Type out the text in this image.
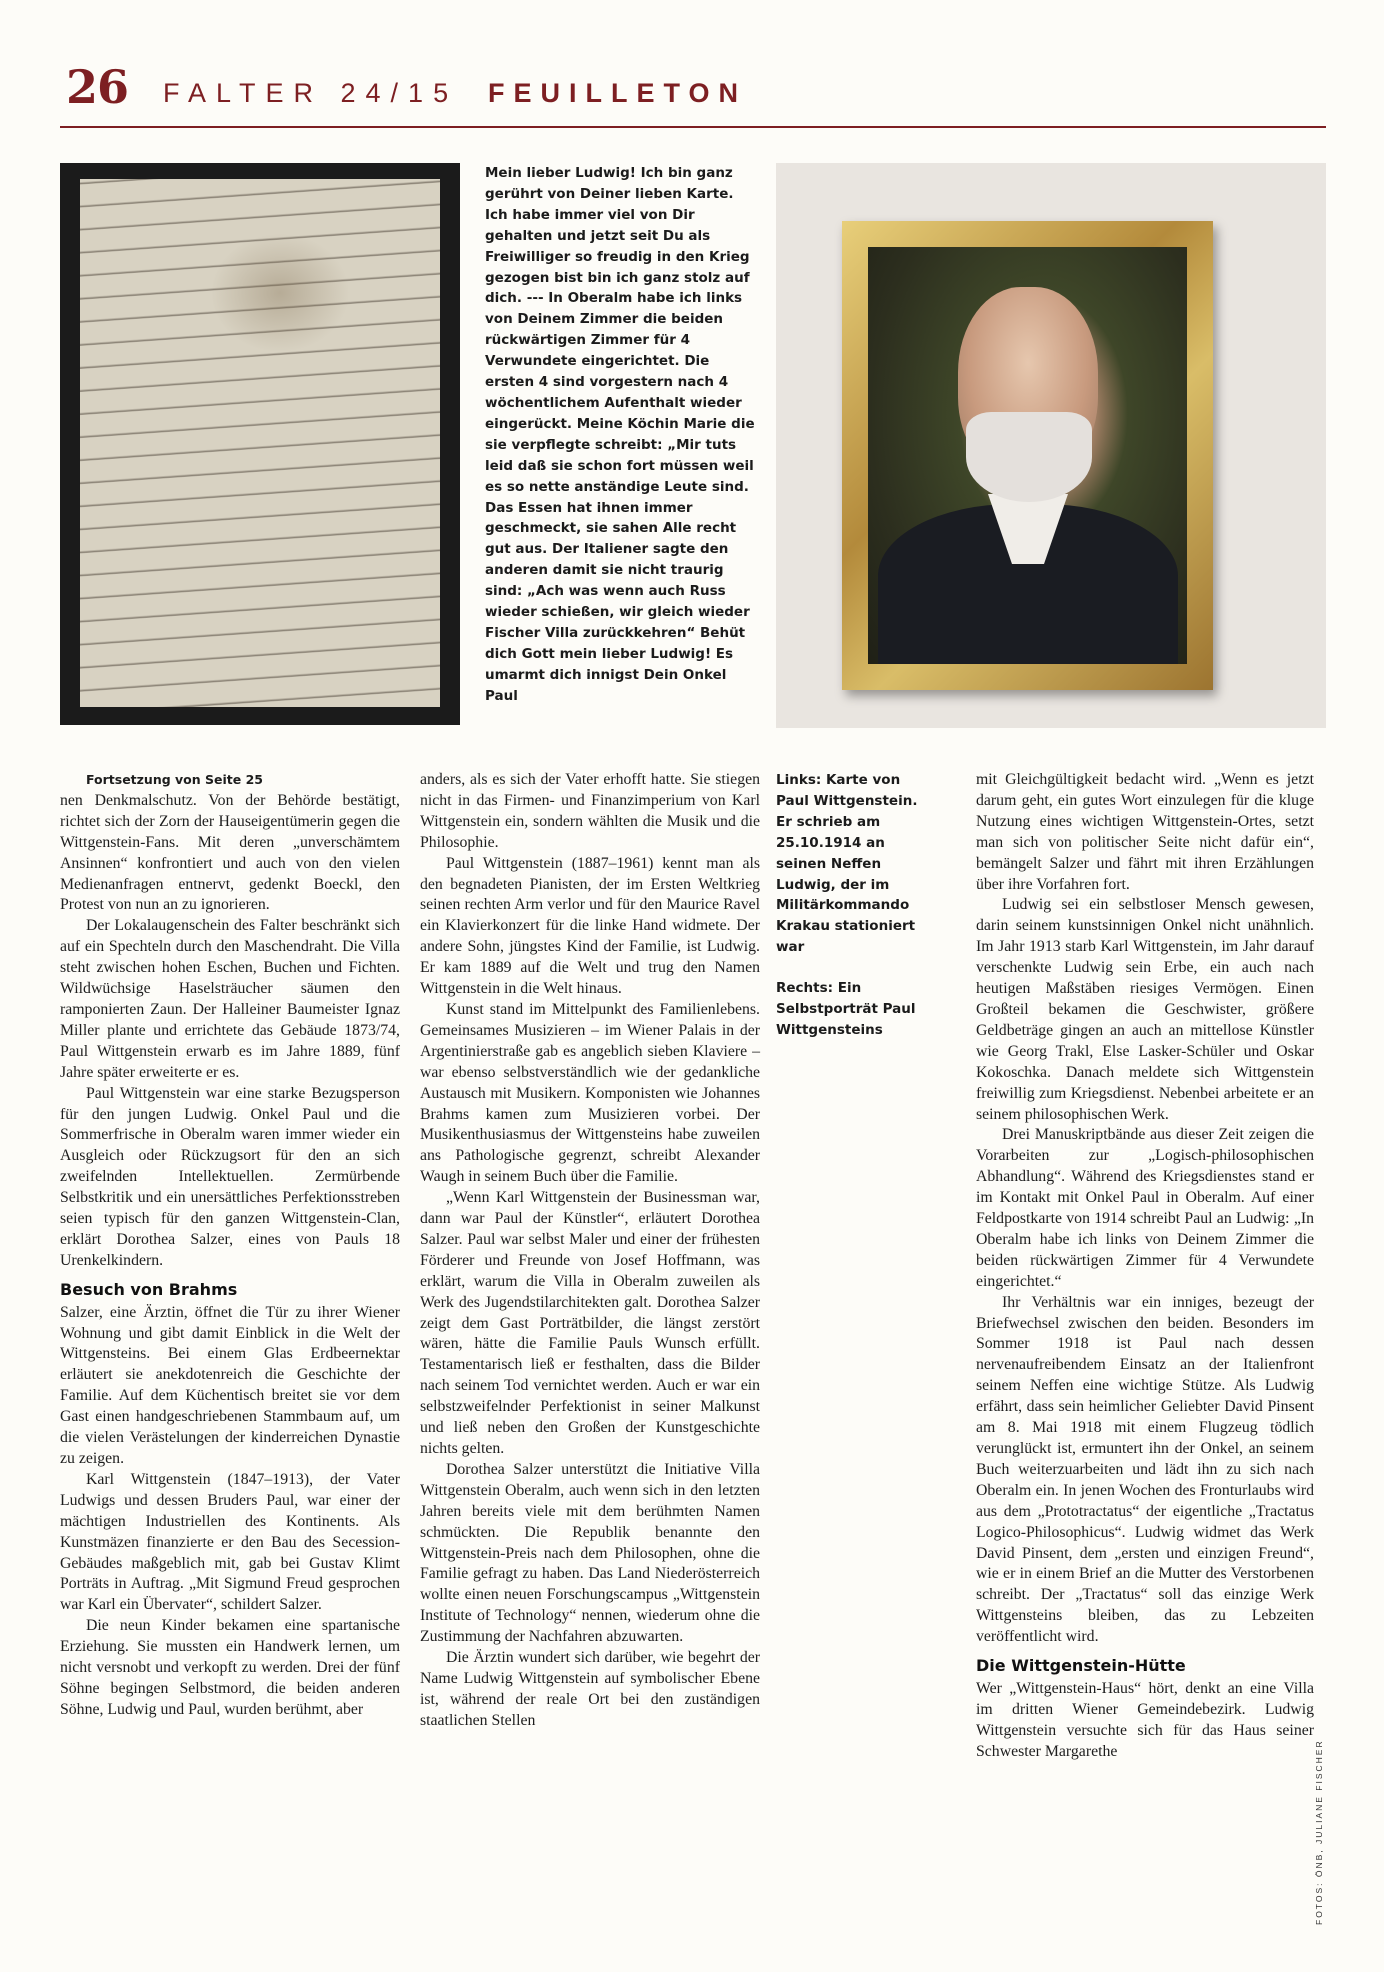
26 FALTER 24/15 FEUILLETON
Mein lieber Ludwig! Ich bin ganz gerührt von Deiner lieben Karte. Ich habe immer viel von Dir gehalten und jetzt seit Du als Freiwilliger so freudig in den Krieg gezogen bist bin ich ganz stolz auf dich. --- In Oberalm habe ich links von Deinem Zimmer die beiden rückwärtigen Zimmer für 4 Verwundete eingerichtet. Die ersten 4 sind vorgestern nach 4 wöchentlichem Aufenthalt wieder eingerückt. Meine Köchin Marie die sie verpflegte schreibt: „Mir tuts leid daß sie schon fort müssen weil es so nette anständige Leute sind. Das Essen hat ihnen immer geschmeckt, sie sahen Alle recht gut aus. Der Italiener sagte den anderen damit sie nicht traurig sind: „Ach was wenn auch Russ wieder schießen, wir gleich wieder Fischer Villa zurückkehren“ Behüt dich Gott mein lieber Ludwig! Es umarmt dich innigst Dein Onkel Paul

Fortsetzung von Seite 25

nen Denkmalschutz. Von der Behörde bestätigt, richtet sich der Zorn der Hauseigentümerin gegen die Wittgenstein-Fans. Mit deren „unverschämtem Ansinnen“ konfrontiert und auch von den vielen Medienanfragen entnervt, gedenkt Boeckl, den Protest von nun an zu ignorieren.

Der Lokalaugenschein des Falter beschränkt sich auf ein Spechteln durch den Maschendraht. Die Villa steht zwischen hohen Eschen, Buchen und Fichten. Wildwüchsige Haselsträucher säumen den ramponierten Zaun. Der Halleiner Baumeister Ignaz Miller plante und errichtete das Gebäude 1873/74, Paul Wittgenstein erwarb es im Jahre 1889, fünf Jahre später erweiterte er es.

Paul Wittgenstein war eine starke Bezugsperson für den jungen Ludwig. Onkel Paul und die Sommerfrische in Oberalm waren immer wieder ein Ausgleich oder Rückzugsort für den an sich zweifelnden Intellektuellen. Zermürbende Selbstkritik und ein unersättliches Perfektionsstreben seien typisch für den ganzen Wittgenstein-Clan, erklärt Dorothea Salzer, eines von Pauls 18 Urenkelkindern.

Besuch von Brahms

Salzer, eine Ärztin, öffnet die Tür zu ihrer Wiener Wohnung und gibt damit Einblick in die Welt der Wittgensteins. Bei einem Glas Erdbeernektar erläutert sie anekdotenreich die Geschichte der Familie. Auf dem Küchentisch breitet sie vor dem Gast einen handgeschriebenen Stammbaum auf, um die vielen Verästelungen der kinderreichen Dynastie zu zeigen.

Karl Wittgenstein (1847–1913), der Vater Ludwigs und dessen Bruders Paul, war einer der mächtigen Industriellen des Kontinents. Als Kunstmäzen finanzierte er den Bau des Secession-Gebäudes maßgeblich mit, gab bei Gustav Klimt Porträts in Auftrag. „Mit Sigmund Freud gesprochen war Karl ein Übervater“, schildert Salzer.

Die neun Kinder bekamen eine spartanische Erziehung. Sie mussten ein Handwerk lernen, um nicht versnobt und verkopft zu werden. Drei der fünf Söhne begingen Selbstmord, die beiden anderen Söhne, Ludwig und Paul, wurden berühmt, aber

anders, als es sich der Vater erhofft hatte. Sie stiegen nicht in das Firmen- und Finanzimperium von Karl Wittgenstein ein, sondern wählten die Musik und die Philosophie.

Paul Wittgenstein (1887–1961) kennt man als den begnadeten Pianisten, der im Ersten Weltkrieg seinen rechten Arm verlor und für den Maurice Ravel ein Klavierkonzert für die linke Hand widmete. Der andere Sohn, jüngstes Kind der Familie, ist Ludwig. Er kam 1889 auf die Welt und trug den Namen Wittgenstein in die Welt hinaus.

Kunst stand im Mittelpunkt des Familienlebens. Gemeinsames Musizieren – im Wiener Palais in der Argentinierstraße gab es angeblich sieben Klaviere – war ebenso selbstverständlich wie der gedankliche Austausch mit Musikern. Komponisten wie Johannes Brahms kamen zum Musizieren vorbei. Der Musikenthusiasmus der Wittgensteins habe zuweilen ans Pathologische gegrenzt, schreibt Alexander Waugh in seinem Buch über die Familie.

„Wenn Karl Wittgenstein der Businessman war, dann war Paul der Künstler“, erläutert Dorothea Salzer. Paul war selbst Maler und einer der frühesten Förderer und Freunde von Josef Hoffmann, was erklärt, warum die Villa in Oberalm zuweilen als Werk des Jugendstilarchitekten galt. Dorothea Salzer zeigt dem Gast Porträtbilder, die längst zerstört wären, hätte die Familie Pauls Wunsch erfüllt. Testamentarisch ließ er festhalten, dass die Bilder nach seinem Tod vernichtet werden. Auch er war ein selbstzweifelnder Perfektionist in seiner Malkunst und ließ neben den Großen der Kunstgeschichte nichts gelten.

Dorothea Salzer unterstützt die Initiative Villa Wittgenstein Oberalm, auch wenn sich in den letzten Jahren bereits viele mit dem berühmten Namen schmückten. Die Republik benannte den Wittgenstein-Preis nach dem Philosophen, ohne die Familie gefragt zu haben. Das Land Niederösterreich wollte einen neuen Forschungscampus „Wittgenstein Institute of Technology“ nennen, wiederum ohne die Zustimmung der Nachfahren abzuwarten.

Die Ärztin wundert sich darüber, wie begehrt der Name Ludwig Wittgenstein auf symbolischer Ebene ist, während der reale Ort bei den zuständigen staatlichen Stellen

Links: Karte von Paul Wittgenstein. Er schrieb am 25.10.1914 an seinen Neffen Ludwig, der im Militärkommando Krakau stationiert war
Rechts: Ein Selbstporträt Paul Wittgensteins

mit Gleichgültigkeit bedacht wird. „Wenn es jetzt darum geht, ein gutes Wort einzulegen für die kluge Nutzung eines wichtigen Wittgenstein-Ortes, setzt man sich von politischer Seite nicht dafür ein“, bemängelt Salzer und fährt mit ihren Erzählungen über ihre Vorfahren fort.

Ludwig sei ein selbstloser Mensch gewesen, darin seinem kunstsinnigen Onkel nicht unähnlich. Im Jahr 1913 starb Karl Wittgenstein, im Jahr darauf verschenkte Ludwig sein Erbe, ein auch nach heutigen Maßstäben riesiges Vermögen. Einen Großteil bekamen die Geschwister, größere Geldbeträge gingen an auch an mittellose Künstler wie Georg Trakl, Else Lasker-Schüler und Oskar Kokoschka. Danach meldete sich Wittgenstein freiwillig zum Kriegsdienst. Nebenbei arbeitete er an seinem philosophischen Werk.

Drei Manuskriptbände aus dieser Zeit zeigen die Vorarbeiten zur „Logisch-philosophischen Abhandlung“. Während des Kriegsdienstes stand er im Kontakt mit Onkel Paul in Oberalm. Auf einer Feldpostkarte von 1914 schreibt Paul an Ludwig: „In Oberalm habe ich links von Deinem Zimmer die beiden rückwärtigen Zimmer für 4 Verwundete eingerichtet.“

Ihr Verhältnis war ein inniges, bezeugt der Briefwechsel zwischen den beiden. Besonders im Sommer 1918 ist Paul nach dessen nervenaufreibendem Einsatz an der Italienfront seinem Neffen eine wichtige Stütze. Als Ludwig erfährt, dass sein heimlicher Geliebter David Pinsent am 8. Mai 1918 mit einem Flugzeug tödlich verunglückt ist, ermuntert ihn der Onkel, an seinem Buch weiterzuarbeiten und lädt ihn zu sich nach Oberalm ein. In jenen Wochen des Fronturlaubs wird aus dem „Prototractatus“ der eigentliche „Tractatus Logico-Philosophicus“. Ludwig widmet das Werk David Pinsent, dem „ersten und einzigen Freund“, wie er in einem Brief an die Mutter des Verstorbenen schreibt. Der „Tractatus“ soll das einzige Werk Wittgensteins bleiben, das zu Lebzeiten veröffentlicht wird.

Die Wittgenstein-Hütte

Wer „Wittgenstein-Haus“ hört, denkt an eine Villa im dritten Wiener Gemeindebezirk. Ludwig Wittgenstein versuchte sich für das Haus seiner Schwester Margarethe	FOTOS: ÖNB, JULIANE FISCHER
